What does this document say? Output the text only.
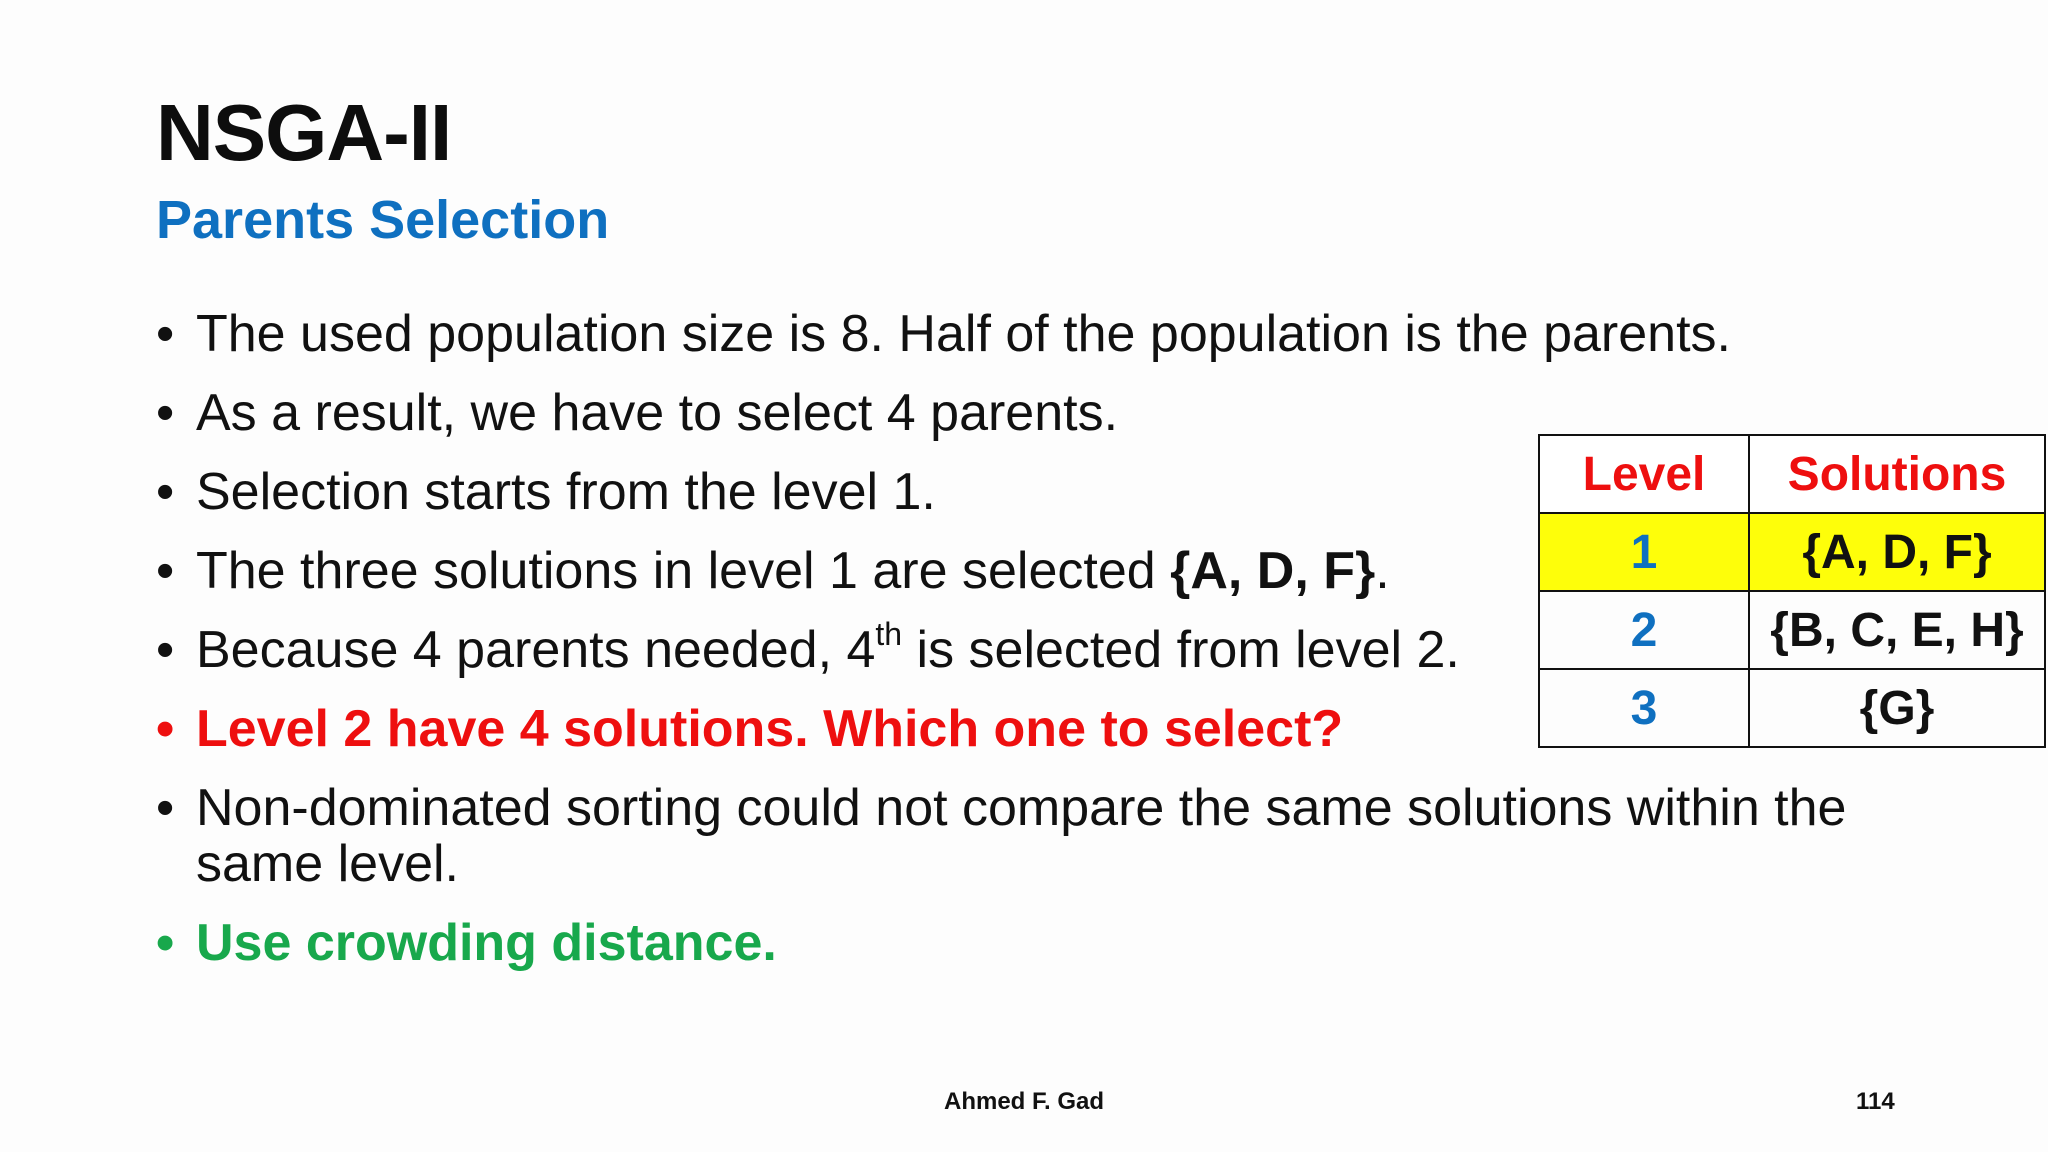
NSGA-II
Parents Selection
• The used population size is 8. Half of the population is the parents.
• As a result, we have to select 4 parents.
• Selection starts from the level 1.
• The three solutions in level 1 are selected {A, D, F}.
• Because 4 parents needed, 4th is selected from level 2.
• Level 2 have 4 solutions. Which one to select?
• Non-dominated sorting could not compare the same solutions within the same level.
• Use crowding distance.
Level	Solutions
1	{A, D, F}
2	{B, C, E, H}
3	{G}
Ahmed F. Gad	114
